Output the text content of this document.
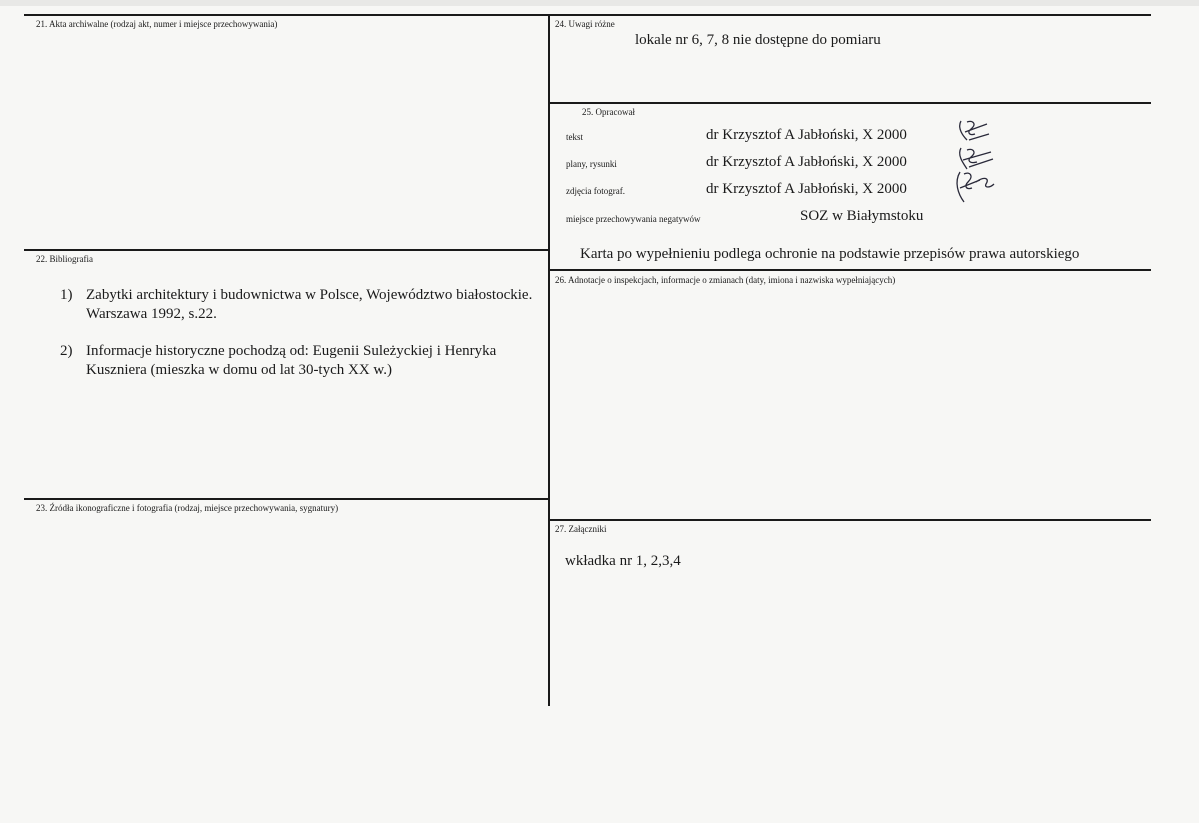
21. Akta archiwalne (rodzaj akt, numer i miejsce przechowywania)
22. Bibliografia
1) Zabytki architektury i budownictwa w Polsce, Województwo białostockie. Warszawa 1992, s.22.
2) Informacje historyczne pochodzą od: Eugenii Suleżyckiej i Henryka Kuszniera (mieszka w domu od lat 30-tych XX w.)
23. Źródła ikonograficzne i fotografia (rodzaj, miejsce przechowywania, sygnatury)
24. Uwagi różne
lokale nr 6, 7, 8 nie dostępne do pomiaru
25. Opracował
tekst	dr Krzysztof A Jabłoński, X 2000
plany, rysunki	dr Krzysztof A Jabłoński, X 2000
zdjęcia fotograf.	dr Krzysztof A Jabłoński, X 2000
miejsce przechowywania negatywów	SOZ w Białymstoku
Karta po wypełnieniu podlega ochronie na podstawie przepisów prawa autorskiego
26. Adnotacje o inspekcjach, informacje o zmianach (daty, imiona i nazwiska wypełniających)
27. Załączniki
wkładka nr 1, 2,3,4
